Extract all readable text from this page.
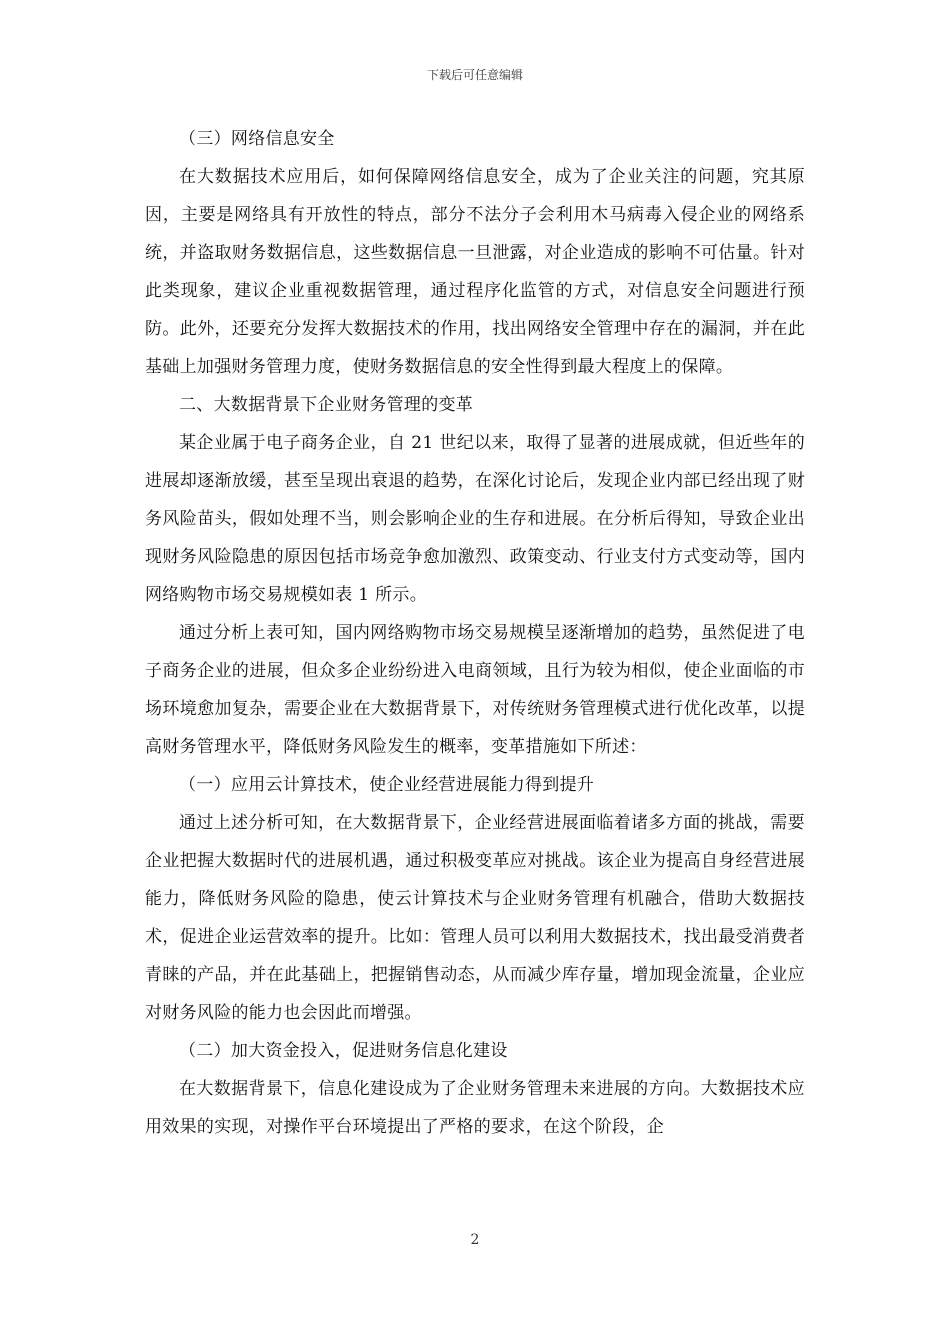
下载后可任意编辑

（三）网络信息安全

在大数据技术应用后，如何保障网络信息安全，成为了企业关注的问题，究其原因，主要是网络具有开放性的特点，部分不法分子会利用木马病毒入侵企业的网络系统，并盗取财务数据信息，这些数据信息一旦泄露，对企业造成的影响不可估量。针对此类现象，建议企业重视数据管理，通过程序化监管的方式，对信息安全问题进行预防。此外，还要充分发挥大数据技术的作用，找出网络安全管理中存在的漏洞，并在此基础上加强财务管理力度，使财务数据信息的安全性得到最大程度上的保障。

二、大数据背景下企业财务管理的变革

某企业属于电子商务企业，自 21 世纪以来，取得了显著的进展成就，但近些年的进展却逐渐放缓，甚至呈现出衰退的趋势，在深化讨论后，发现企业内部已经出现了财务风险苗头，假如处理不当，则会影响企业的生存和进展。在分析后得知，导致企业出现财务风险隐患的原因包括市场竞争愈加激烈、政策变动、行业支付方式变动等，国内网络购物市场交易规模如表 1 所示。

通过分析上表可知，国内网络购物市场交易规模呈逐渐增加的趋势，虽然促进了电子商务企业的进展，但众多企业纷纷进入电商领域，且行为较为相似，使企业面临的市场环境愈加复杂，需要企业在大数据背景下，对传统财务管理模式进行优化改革，以提高财务管理水平，降低财务风险发生的概率，变革措施如下所述：

（一）应用云计算技术，使企业经营进展能力得到提升

通过上述分析可知，在大数据背景下，企业经营进展面临着诸多方面的挑战，需要企业把握大数据时代的进展机遇，通过积极变革应对挑战。该企业为提高自身经营进展能力，降低财务风险的隐患，使云计算技术与企业财务管理有机融合，借助大数据技术，促进企业运营效率的提升。比如：管理人员可以利用大数据技术，找出最受消费者青睐的产品，并在此基础上，把握销售动态，从而减少库存量，增加现金流量，企业应对财务风险的能力也会因此而增强。

（二）加大资金投入，促进财务信息化建设

在大数据背景下，信息化建设成为了企业财务管理未来进展的方向。大数据技术应用效果的实现，对操作平台环境提出了严格的要求，在这个阶段，企

2
